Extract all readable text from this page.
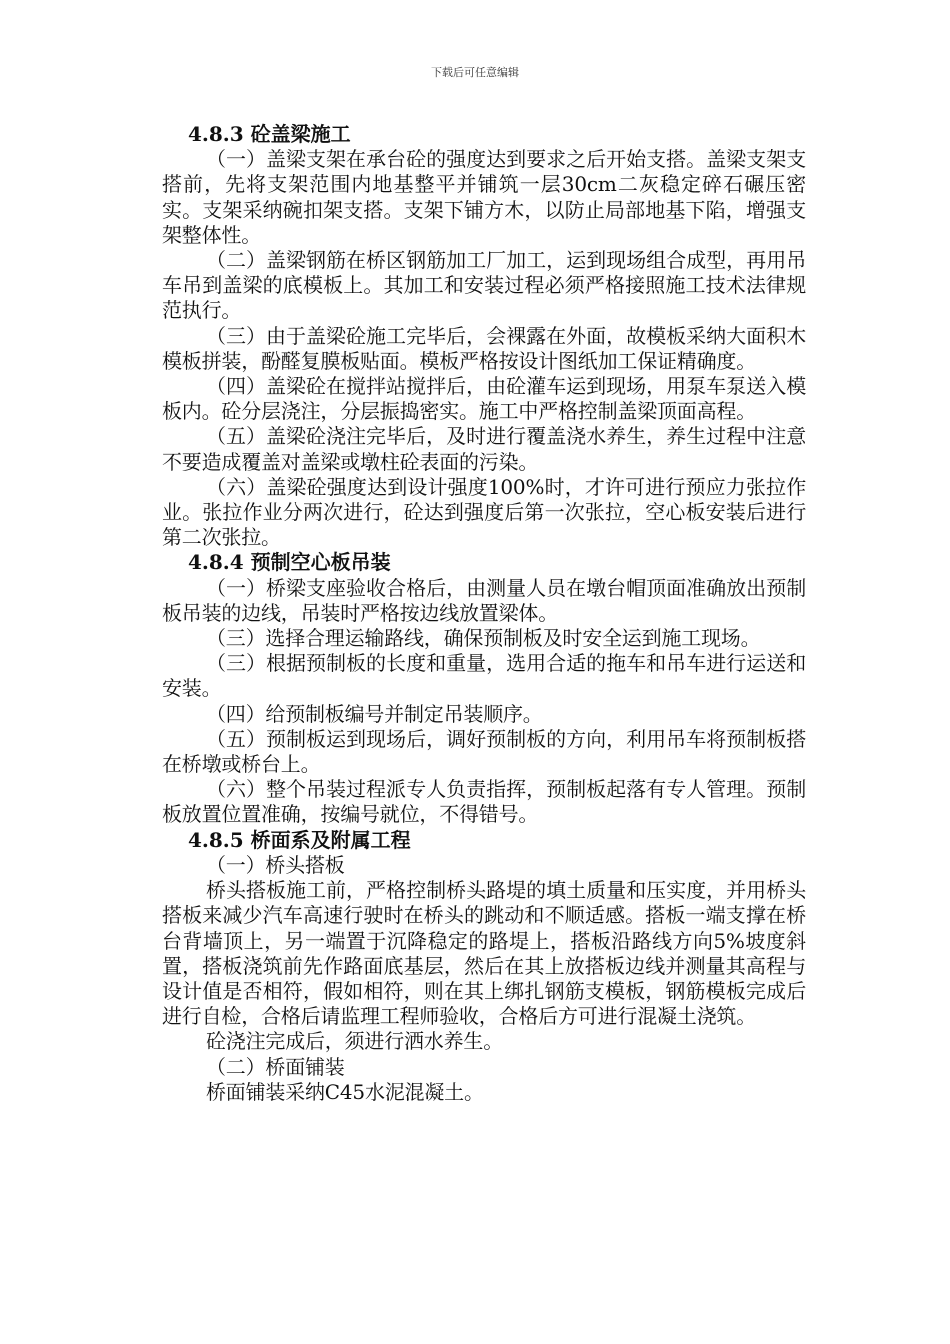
下载后可任意编辑

4.8.3 砼盖梁施工

（一）盖梁支架在承台砼的强度达到要求之后开始支搭。盖梁支架支搭前，先将支架范围内地基整平并铺筑一层30cm二灰稳定碎石碾压密实。支架采纳碗扣架支搭。支架下铺方木，以防止局部地基下陷，增强支架整体性。

（二）盖梁钢筋在桥区钢筋加工厂加工，运到现场组合成型，再用吊车吊到盖梁的底模板上。其加工和安装过程必须严格接照施工技术法律规范执行。

（三）由于盖梁砼施工完毕后，会裸露在外面，故模板采纳大面积木模板拼装，酚醛复膜板贴面。模板严格按设计图纸加工保证精确度。

（四）盖梁砼在搅拌站搅拌后，由砼灌车运到现场，用泵车泵送入模板内。砼分层浇注，分层振捣密实。施工中严格控制盖梁顶面高程。

（五）盖梁砼浇注完毕后，及时进行覆盖浇水养生，养生过程中注意不要造成覆盖对盖梁或墩柱砼表面的污染。

（六）盖梁砼强度达到设计强度100%时，才许可进行预应力张拉作业。张拉作业分两次进行，砼达到强度后第一次张拉，空心板安装后进行第二次张拉。

4.8.4 预制空心板吊装

（一）桥梁支座验收合格后，由测量人员在墩台帽顶面准确放出预制板吊装的边线，吊装时严格按边线放置梁体。

（三）选择合理运输路线，确保预制板及时安全运到施工现场。

（三）根据预制板的长度和重量，选用合适的拖车和吊车进行运送和安装。

（四）给预制板编号并制定吊装顺序。

（五）预制板运到现场后，调好预制板的方向，利用吊车将预制板搭在桥墩或桥台上。

（六）整个吊装过程派专人负责指挥，预制板起落有专人管理。预制板放置位置准确，按编号就位，不得错号。

4.8.5 桥面系及附属工程

（一）桥头搭板

桥头搭板施工前，严格控制桥头路堤的填土质量和压实度，并用桥头搭板来减少汽车高速行驶时在桥头的跳动和不顺适感。搭板一端支撑在桥台背墙顶上，另一端置于沉降稳定的路堤上，搭板沿路线方向5%坡度斜置，搭板浇筑前先作路面底基层，然后在其上放搭板边线并测量其高程与设计值是否相符，假如相符，则在其上绑扎钢筋支模板，钢筋模板完成后进行自检，合格后请监理工程师验收，合格后方可进行混凝土浇筑。

砼浇注完成后，须进行洒水养生。

（二）桥面铺装

桥面铺装采纳C45水泥混凝土。
